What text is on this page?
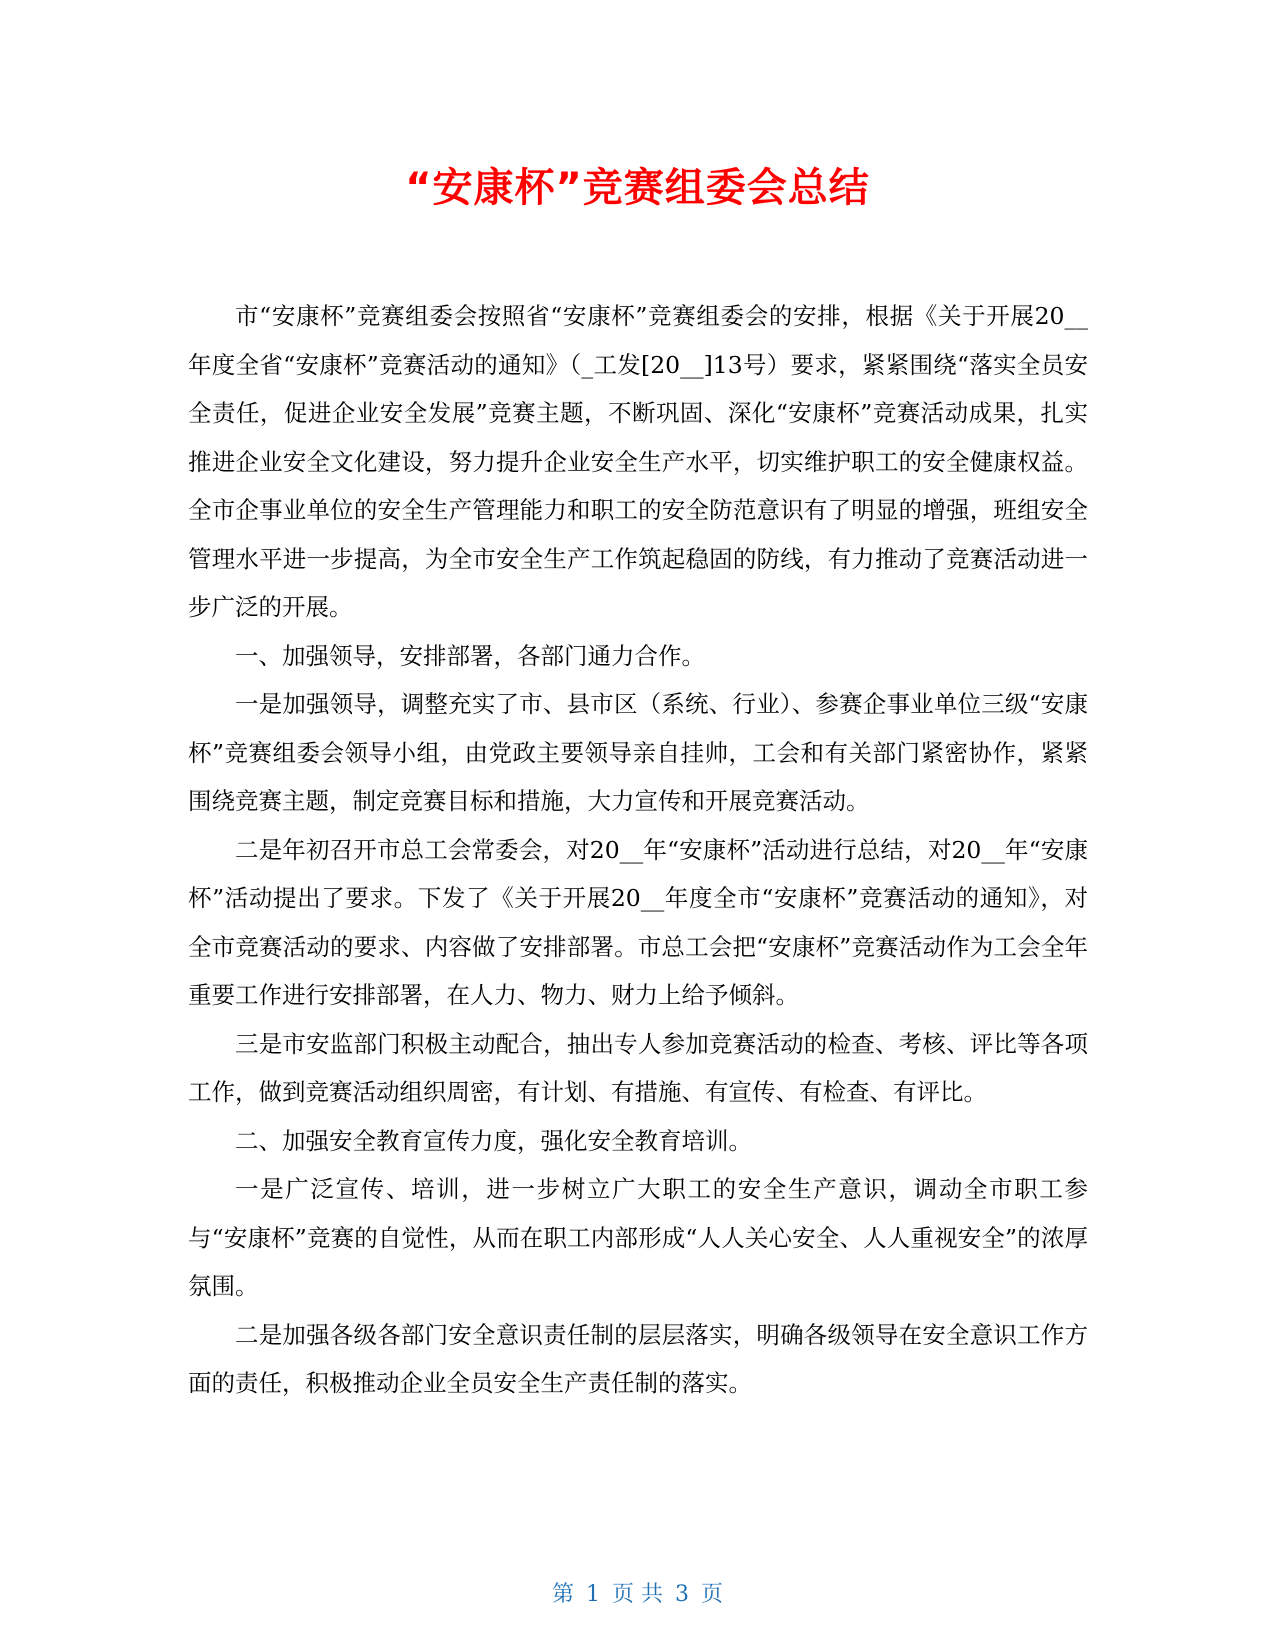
“安康杯”竞赛组委会总结

市“安康杯”竞赛组委会按照省“安康杯”竞赛组委会的安排，根据《关于开展20__年度全省“安康杯”竞赛活动的通知》（_工发[20__]13号）要求，紧紧围绕“落实全员安全责任，促进企业安全发展”竞赛主题，不断巩固、深化“安康杯”竞赛活动成果，扎实推进企业安全文化建设，努力提升企业安全生产水平，切实维护职工的安全健康权益。全市企事业单位的安全生产管理能力和职工的安全防范意识有了明显的增强，班组安全管理水平进一步提高，为全市安全生产工作筑起稳固的防线，有力推动了竞赛活动进一步广泛的开展。

一、加强领导，安排部署，各部门通力合作。

一是加强领导，调整充实了市、县市区（系统、行业）、参赛企事业单位三级“安康杯”竞赛组委会领导小组，由党政主要领导亲自挂帅，工会和有关部门紧密协作，紧紧围绕竞赛主题，制定竞赛目标和措施，大力宣传和开展竞赛活动。

二是年初召开市总工会常委会，对20__年“安康杯”活动进行总结，对20__年“安康杯”活动提出了要求。下发了《关于开展20__年度全市“安康杯”竞赛活动的通知》，对全市竞赛活动的要求、内容做了安排部署。市总工会把“安康杯”竞赛活动作为工会全年重要工作进行安排部署，在人力、物力、财力上给予倾斜。

三是市安监部门积极主动配合，抽出专人参加竞赛活动的检查、考核、评比等各项工作，做到竞赛活动组织周密，有计划、有措施、有宣传、有检查、有评比。

二、加强安全教育宣传力度，强化安全教育培训。

一是广泛宣传、培训，进一步树立广大职工的安全生产意识，调动全市职工参与“安康杯”竞赛的自觉性，从而在职工内部形成“人人关心安全、人人重视安全”的浓厚氛围。

二是加强各级各部门安全意识责任制的层层落实，明确各级领导在安全意识工作方面的责任，积极推动企业全员安全生产责任制的落实。

第 1 页 共 3 页
